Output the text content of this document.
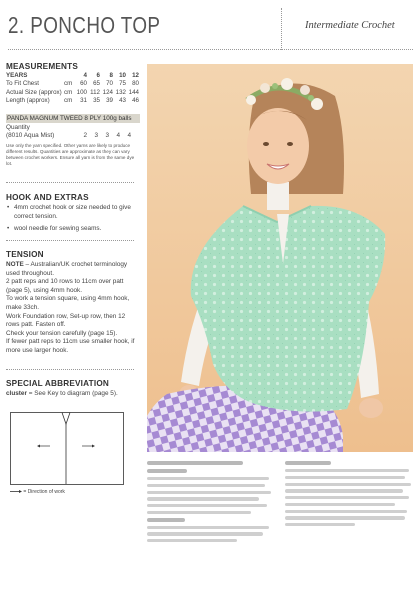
2. PONCHO TOP	Intermediate Crochet
MEASUREMENTS
YEARS		4	6	8	10	12
To Fit Chest	cm	60	65	70	75	80
Actual Size (approx)	cm	100	112	124	132	144
Length (approx)	cm	31	35	39	43	46
PANDA MAGNUM TWEED 8 PLY 100g balls
Quantity
(8010 Aqua Mist)	2 3 3 4 4
Use only the yarn specified. Other yarns are likely to produce different results. Quantities are approximate as they can vary between crochet workers. Ensure all yarn is from the same dye lot.
HOOK AND EXTRAS
• 4mm crochet hook or size needed to give correct tension.
• wool needle for sewing seams.
TENSION
NOTE – Australian/UK crochet terminology used throughout.
2 patt reps and 10 rows to 11cm over patt (page 5), using 4mm hook.
To work a tension square, using 4mm hook, make 33ch.
Work Foundation row, Set-up row, then 12 rows patt. Fasten off.
Check your tension carefully (page 15).
If fewer patt reps to 11cm use smaller hook, if more use larger hook.
SPECIAL ABBREVIATION
cluster = See Key to diagram (page 5).
= Direction of work
